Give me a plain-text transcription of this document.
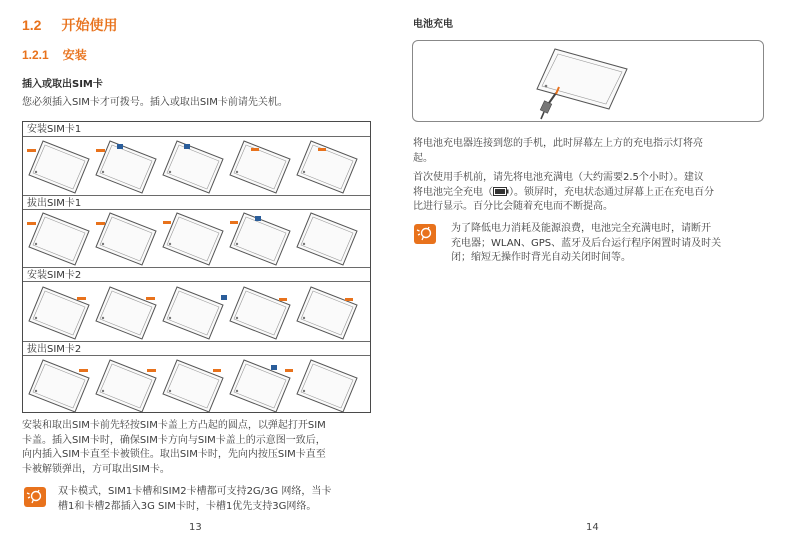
1.2 开始使用
1.2.1 安装
插入或取出SIM卡
您必须插入SIM卡才可拨号。插入或取出SIM卡前请先关机。
安装SIM卡1
拔出SIM卡1
安装SIM卡2
拔出SIM卡2
安装和取出SIM卡前先轻按SIM卡盖上方凸起的圆点，以弹起打开SIM
卡盖。插入SIM卡时，确保SIM卡方向与SIM卡盖上的示意图一致后，
向内插入SIM卡直至卡被锁住。取出SIM卡时，先向内按压SIM卡直至
卡被解锁弹出，方可取出SIM卡。
双卡模式，SIM1卡槽和SIM2卡槽都可支持2G/3G 网络，当卡
槽1和卡槽2都插入3G SIM卡时，卡槽1优先支持3G网络。
13
电池充电
将电池充电器连接到您的手机，此时屏幕左上方的充电指示灯将亮
起。
首次使用手机前，请先将电池充满电（大约需要2.5个小时）。建议
将电池完全充电（ ）。锁屏时，充电状态通过屏幕上正在充电百分
比进行显示。百分比会随着充电而不断提高。
为了降低电力消耗及能源浪费，电池完全充满电时，请断开
充电器；WLAN、GPS、蓝牙及后台运行程序闲置时请及时关
闭；缩短无操作时背光自动关闭时间等。
14
